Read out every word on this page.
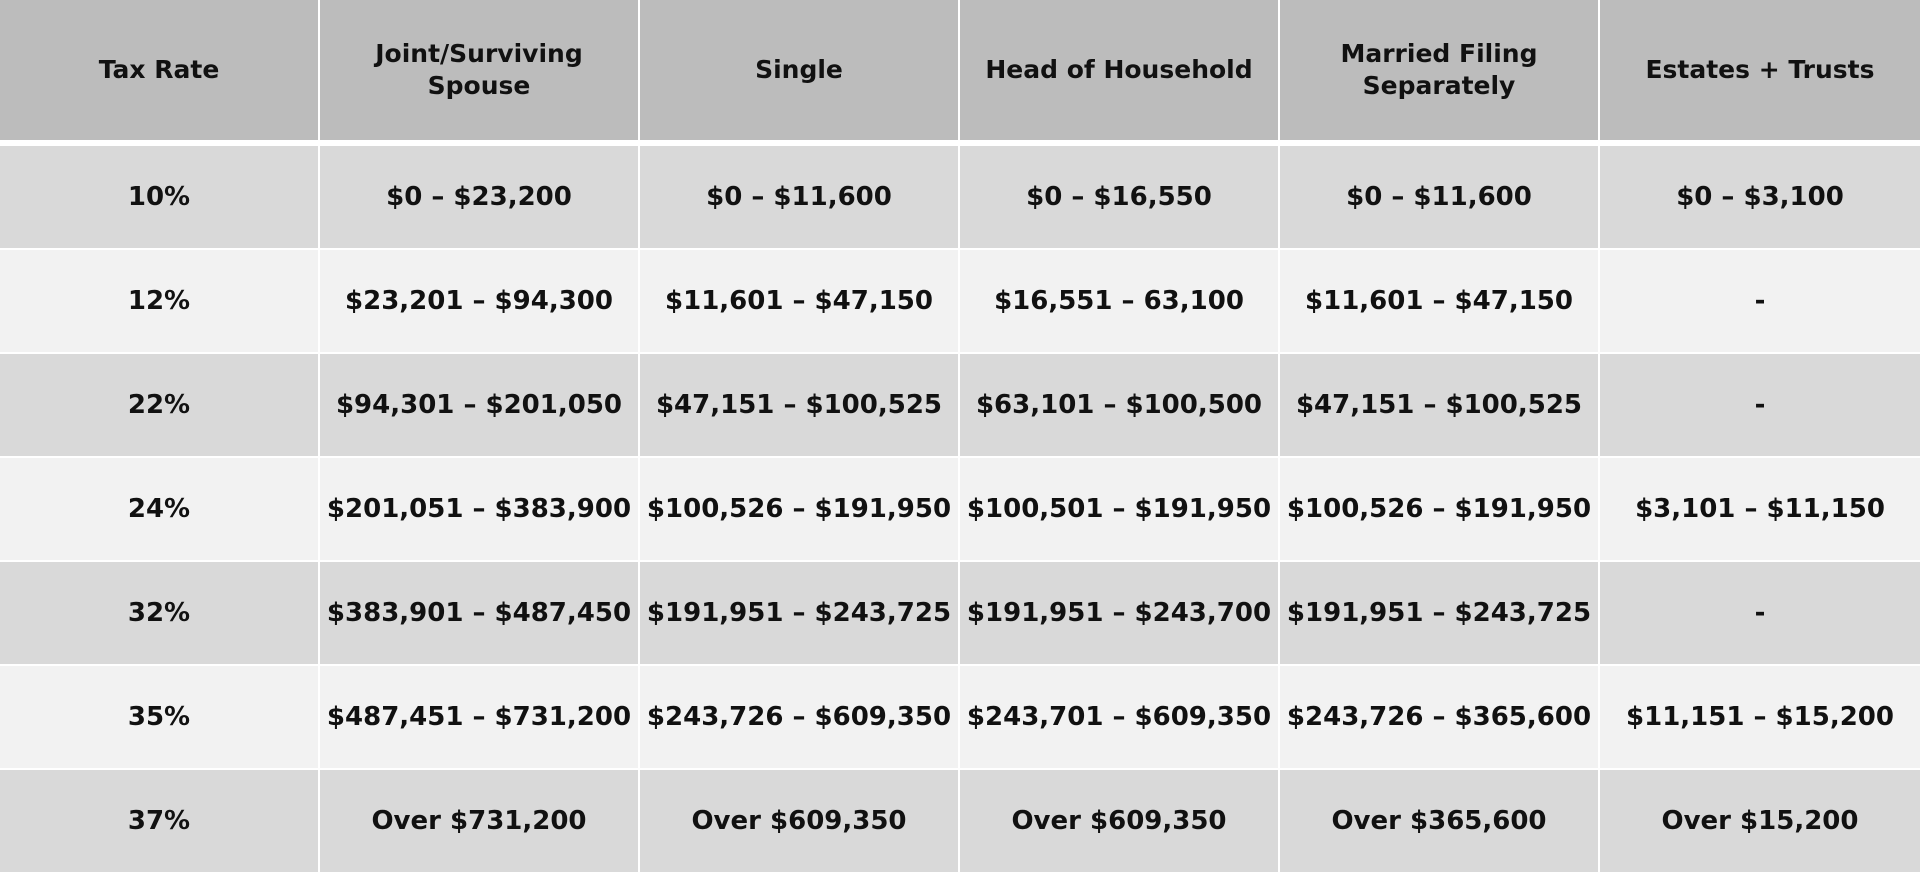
Tax Rate	Joint/Surviving Spouse	Single	Head of Household	Married Filing Separately	Estates + Trusts
10%	$0 – $23,200	$0 – $11,600	$0 – $16,550	$0 – $11,600	$0 – $3,100
12%	$23,201 – $94,300	$11,601 – $47,150	$16,551 – 63,100	$11,601 – $47,150	-
22%	$94,301 – $201,050	$47,151 – $100,525	$63,101 – $100,500	$47,151 – $100,525	-
24%	$201,051 – $383,900	$100,526 – $191,950	$100,501 – $191,950	$100,526 – $191,950	$3,101 – $11,150
32%	$383,901 – $487,450	$191,951 – $243,725	$191,951 – $243,700	$191,951 – $243,725	-
35%	$487,451 – $731,200	$243,726 – $609,350	$243,701 – $609,350	$243,726 – $365,600	$11,151 – $15,200
37%	Over $731,200	Over $609,350	Over $609,350	Over $365,600	Over $15,200
